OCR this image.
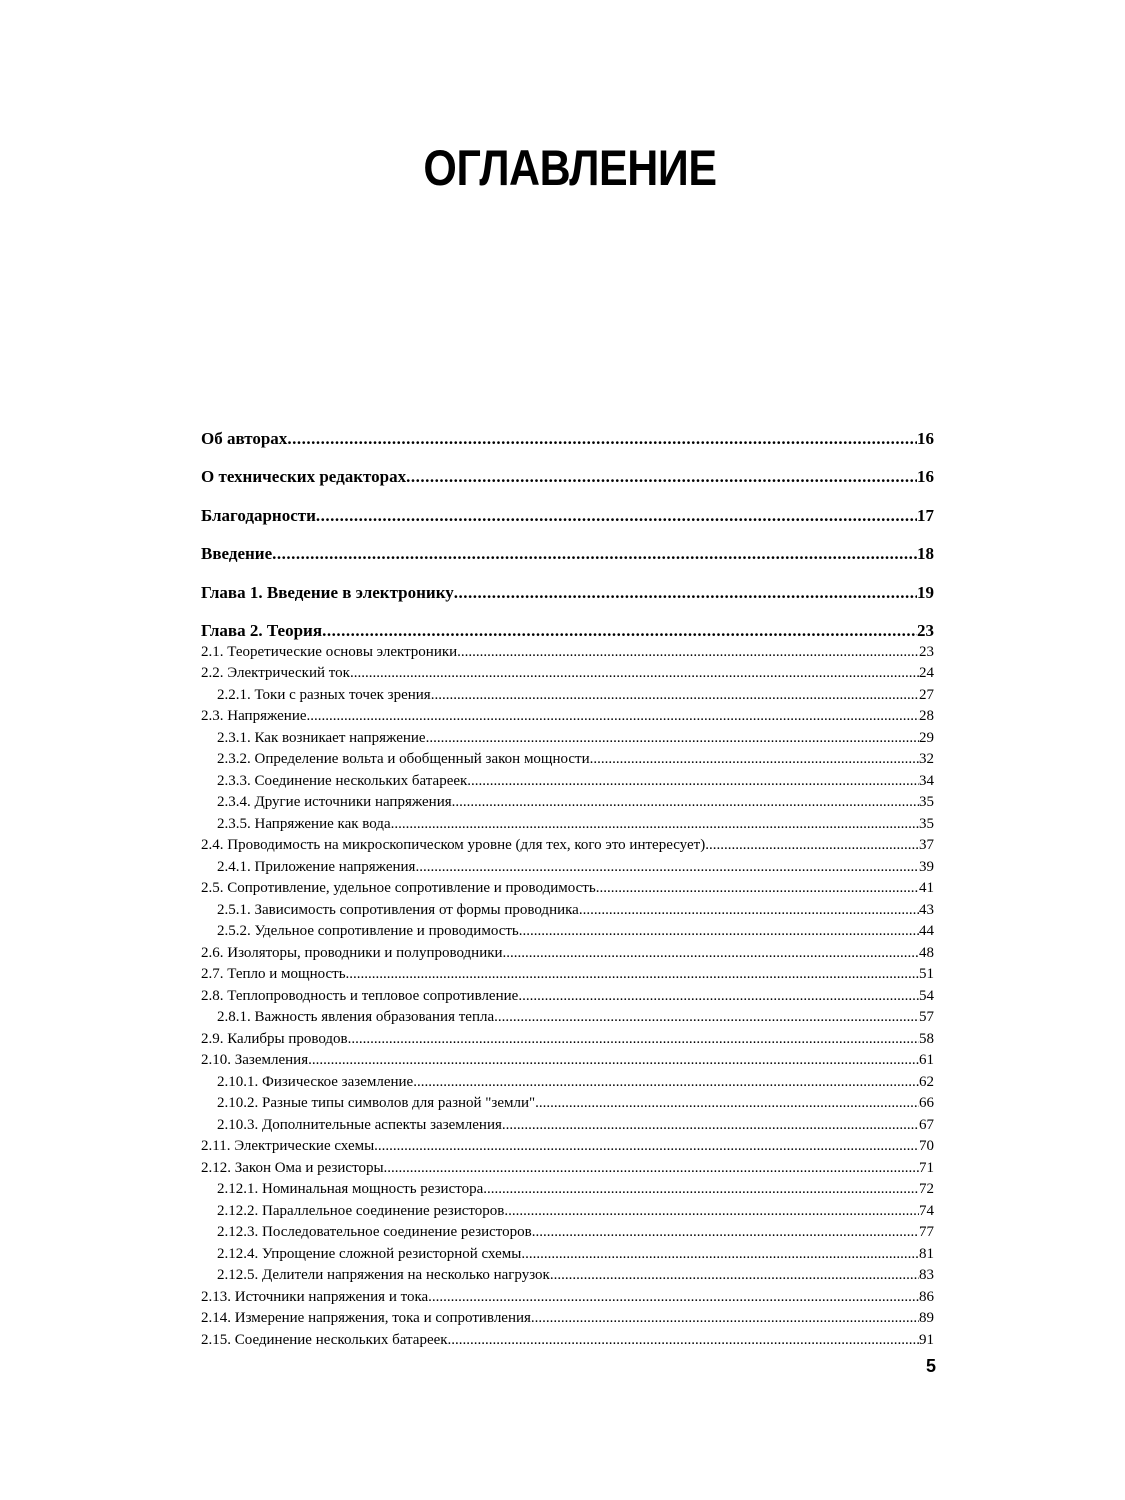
ОГЛАВЛЕНИЕ
Об авторах .....	16
О технических редакторах .....	16
Благодарности .....	17
Введение .....	18
Глава 1. Введение в электронику .....	19
Глава 2. Теория .....	23
2.1. Теоретические основы электроники .....	23
2.2. Электрический ток .....	24
2.2.1. Токи с разных точек зрения .....	27
2.3. Напряжение .....	28
2.3.1. Как возникает напряжение .....	29
2.3.2. Определение вольта и обобщенный закон мощности .....	32
2.3.3. Соединение нескольких батареек .....	34
2.3.4. Другие источники напряжения .....	35
2.3.5. Напряжение как вода .....	35
2.4. Проводимость на микроскопическом уровне (для тех, кого это интересует) .....	37
2.4.1. Приложение напряжения .....	39
2.5. Сопротивление, удельное сопротивление и проводимость .....	41
2.5.1. Зависимость сопротивления от формы проводника .....	43
2.5.2. Удельное сопротивление и проводимость .....	44
2.6. Изоляторы, проводники и полупроводники .....	48
2.7. Тепло и мощность .....	51
2.8. Теплопроводность и тепловое сопротивление .....	54
2.8.1. Важность явления образования тепла .....	57
2.9. Калибры проводов .....	58
2.10. Заземления .....	61
2.10.1. Физическое заземление .....	62
2.10.2. Разные типы символов для разной "земли" .....	66
2.10.3. Дополнительные аспекты заземления .....	67
2.11. Электрические схемы .....	70
2.12. Закон Ома и резисторы .....	71
2.12.1. Номинальная мощность резистора .....	72
2.12.2. Параллельное соединение резисторов .....	74
2.12.3. Последовательное соединение резисторов .....	77
2.12.4. Упрощение сложной резисторной схемы .....	81
2.12.5. Делители напряжения на несколько нагрузок .....	83
2.13. Источники напряжения и тока .....	86
2.14. Измерение напряжения, тока и сопротивления .....	89
2.15. Соединение нескольких батареек .....	91
5
